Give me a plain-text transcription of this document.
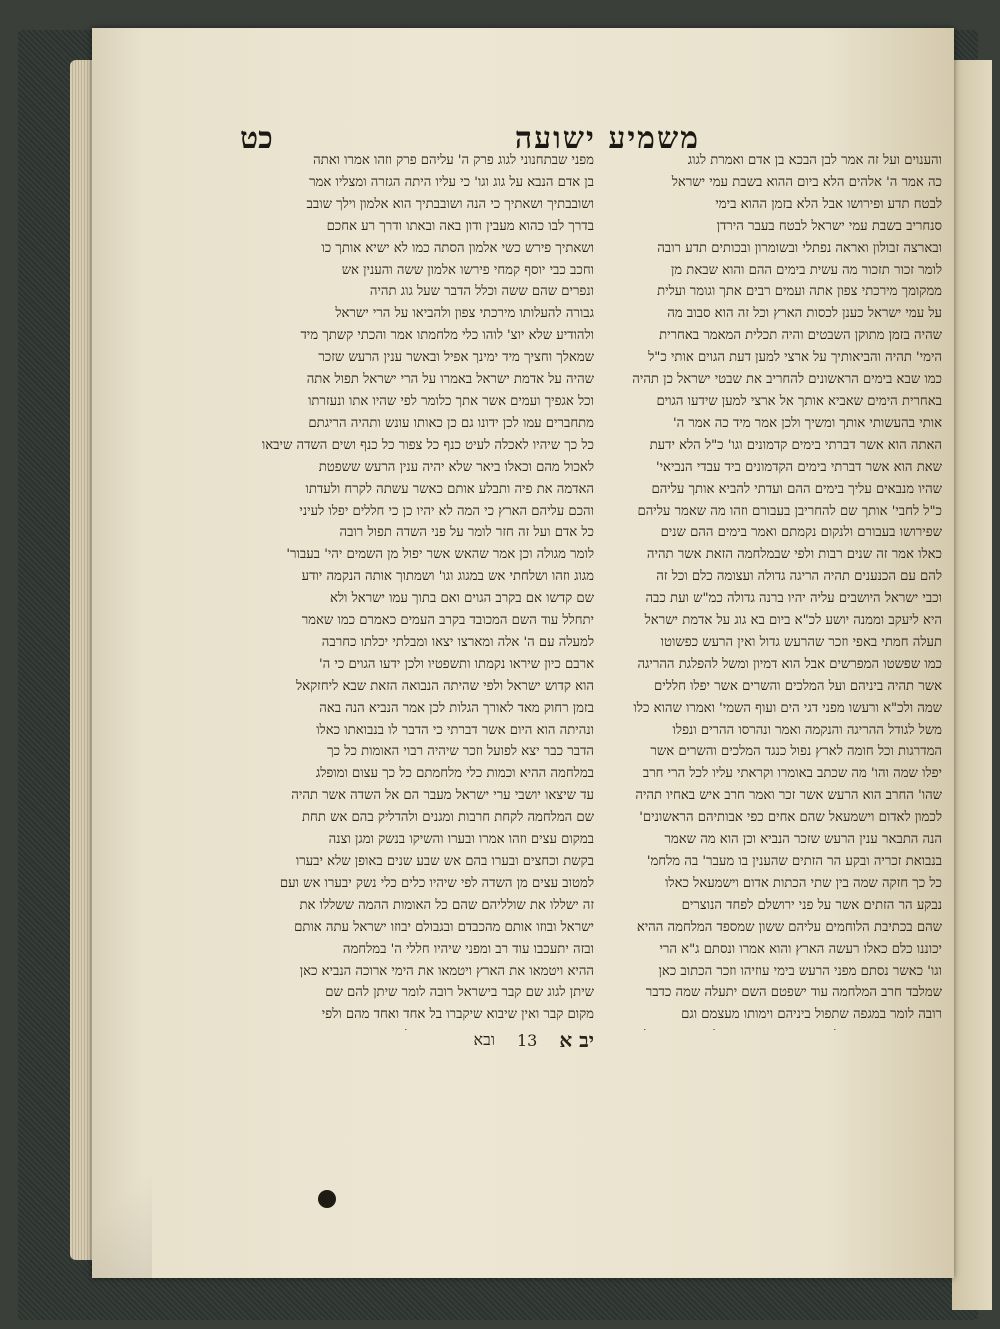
משמיע ישועה
כט
והענוים ועל זה אמר לבן הבכא בן אדם ואמרת לגוג
כה אמר ה' אלהים הלא ביום ההוא בשבת עמי ישראל
לבטח תדע ופירושו אבל הלא בזמן ההוא בימי
סנחריב בשבת עמי ישראל לבטח בעבר הירדן
ובארצה זבולון ואראה נפתלי ובשומרון ובכותים תדע רובה
לומר זכור תזכור מה עשית בימים ההם והוא שבאת מן
ממקומך מירכתי צפון אתה ועמים רבים אתך וגומר ועלית
על עמי ישראל כענן לכסות הארץ וכל זה הוא סבוב מה
שהיה בזמן מתוקן השבטים והיה תכלית המאמר באחרית
הימי' תהיה והביאותיך על ארצי למען דעת הגוים אותי כ"ל
כמו שבא בימים הראשונים להחריב את שבטי ישראל כן תהיה
באחרית הימים שאביא אותך אל ארצי למען שידעו הגוים
אותי בהעשותי אותך ומשיך ולכן אמר מיד כה אמר ה'
האתה הוא אשר דברתי בימים קדמונים וגו' כ"ל הלא ידעת
שאת הוא אשר דברתי בימים הקדמונים ביד עבדי הנביאי'
שהיו מנבאים עליך בימים ההם ועדתי להביא אותך עליהם
כ"ל לחבי' אותך שם להחריבן בעבורם וזהו מה שאמר עליהם
שפירושו בעבורם ולנקום נקמתם ואמר בימים ההם שנים
כאלו אמר זה שנים רבות ולפי שבמלחמה הזאת אשר תהיה
להם עם הכנענים תהיה הריגה גדולה ועצומה כלם וכל זה
וכבי ישראל היושבים עליה יהיו ברנה גדולה כמ"ש ועת כבה
היא ליעקב וממנה יושע לכ"א ביום בא גוג על אדמת ישראל
תעלה חמתי באפי וזכר שהרעש גדול ואין הרעש כפשוטו
כמו שפשטו המפרשים אבל הוא דמיון ומשל להפלגת ההריגה
אשר תהיה ביניהם ועל המלכים והשרים אשר יפלו חללים
שמה ולכ"א ורעשו מפני דגי הים ועוף השמי' ואמרו שהוא כלו
משל לגודל ההריגה והנקמה ואמר ונהרסו ההרים ונפלו
המדרגות וכל חומה לארץ נפול כנגד המלכים והשרים אשר
יפלו שמה והו' מה שכתב באומרו וקראתי עליו לכל הרי חרב
שהו' החרב הוא הרעש אשר זכר ואמר חרב איש באחיו תהיה
לכמון לאדום וישמעאל שהם אחים כפי אבותיהם הראשונים'
הנה התבאר ענין הרעש שזכר הנביא וכן הוא מה שאמר
בנבואת זכריה ובקע הר הזתים שהענין בו מעבר' בה מלחמ'
כל כך חזקה שמה בין שתי הכתות אדום וישמעאל כאלו
נבקע הר הזתים אשר על פני ירושלם לפחד הנוצרים
שהם בכתיבת הלוחמים עליהם ששון שמספד המלחמה ההיא
יכוננו כלם כאלו רעשה הארץ והוא אמרו ונסתם ג"א הרי
וגו' כאשר נסתם מפני הרעש בימי עוזיהו וזכר הכתוב כאן
שמלבד חרב המלחמה עוד ישפטם השם יתעלה שמה כדבר
רובה לומר במגפה שתפול ביניהם וימותו מעצמם וגם
מפני שבתחנוני לגוג פרק ה' עליהם פרק וזהו אמרו ואתה
בן אדם הנבא על גוג וגו' כי עליו היתה הגזרה ומצליו אמר
ושובבתיך ושאתיך כי הנה ושובבתיך הוא אלמון וילך שובב
בדרך לבו כהוא מעבין ודון באה ובאתו ודרך רע אחכם
ושאתיך פירש כשי אלמון הסתה כמו לא ישיא אותך כו
וחכב כבי יוסף קמחי פירשו אלמון ששה והענין אש
ונפרים שהם ששה וכלל הדבר שעל גוג תהיה
גבורה להעלותו מירכתי צפון ולהביאו על הרי ישראל
ולהודיע שלא יוצ' לוהו כלי מלחמתו אמר והכתי קשתך מיד
שמאלך וחציך מיד ימינך אפיל ובאשר ענין הרעש שזכר
שהיה על אדמת ישראל באמרו על הרי ישראל תפול אתה
וכל אגפיך ועמים אשר אתך כלומר לפי שהיו אתו ונעזרתו
מתחברים עמו לכן ידונו גם כן כאותו עונש ותהיה הריגתם
כל כך שיהיו לאכלה לעיט כנף כל צפור כל כנף ושים השדה שיבאו
לאכול מהם וכאלו ביאר שלא יהיה ענין הרעש ששפטת
האדמה את פיה ותבלע אותם כאשר עשתה לקרח ולעדתו
והכם עליהם הארץ כי המה לא יהיו כן כי חללים יפלו לעיני
כל אדם ועל זה חזר לומר על פני השדה תפול רובה
לומר מגולה וכן אמר שהאש אשר יפול מן השמים יהי' בעבור'
מגוג וזהו ושלחתי אש במגוג וגו' ושמתוך אותה הנקמה יודע
שם קדשו אם בקרב הגוים ואם בתוך עמו ישראל ולא
יתחלל עוד השם המכובד בקרב העמים כאמרם כמו שאמר
למעלה עם ה' אלה ומארצו יצאו ומבלתי יכלתו כחרבה
ארבם כיון שיראו נקמתו ותשפטיו ולכן ידעו הגוים כי ה'
הוא קדוש ישראל ולפי שהיתה הנבואה הזאת שבא ליחזקאל
בזמן רחוק מאד לאורך הגלות לכן אמר הנביא הנה באה
ונהיתה הוא היום אשר דברתי כי הדבר לו בנבואתו כאלו
הדבר כבר יצא לפועל וזכר שיהיה רבוי האומות כל כך
במלחמה ההיא וכמות כלי מלחמתם כל כך עצום ומופלג
עד שיצאו יושבי ערי ישראל מעבר הם אל השדה אשר תהיה
שם המלחמה לקחת חרבות ומגנים ולהדליק בהם אש תחת
במקום עצים וזהו אמרו ובערו והשיקו בנשק ומגן וצנה
בקשת וכחצים ובערו בהם אש שבע שנים באופן שלא יבערו
למטוב עצים מן השדה לפי שיהיו כלים כלי נשק יבערו אש ועם
זה ישללו את שולליהם שהם כל האומות ההמה ששללו את
ישראל ובוזו אותם מהכבדם ובגבולם יבוזו ישראל עתה אותם
ובזה יתעכבו עוד רב ומפני שיהיו חללי ה' במלחמה
ההיא ויטמאו את הארץ ויטמאו את הימי ארוכה הנביא כאן
שיתן לגוג שם קבר בישראל רובה לומר שיתן להם שם
מקום קבר ואין שיבוא שיקברו בל אחד ואחד מהם ולפי
יב א
13
ובא
